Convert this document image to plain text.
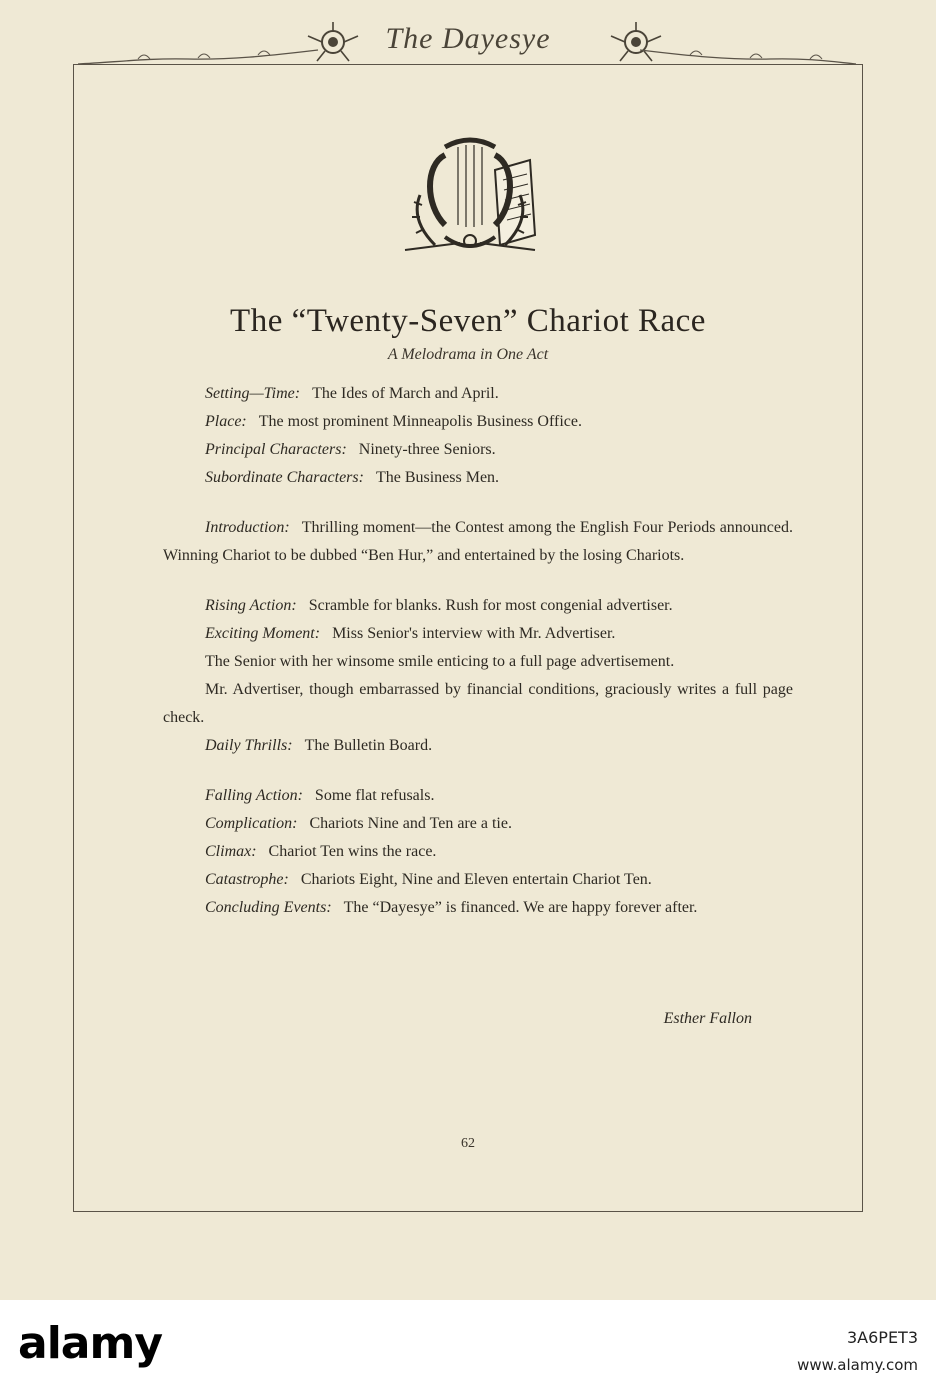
The Dayesye
The “Twenty-Seven” Chariot Race
A Melodrama in One Act

Setting—Time: The Ides of March and April.

Place: The most prominent Minneapolis Business Office.

Principal Characters: Ninety-three Seniors.

Subordinate Characters: The Business Men.

Introduction: Thrilling moment—the Contest among the English Four Periods announced. Winning Chariot to be dubbed “Ben Hur,” and entertained by the losing Chariots.

Rising Action: Scramble for blanks. Rush for most congenial advertiser.

Exciting Moment: Miss Senior's interview with Mr. Advertiser.

The Senior with her winsome smile enticing to a full page advertisement.

Mr. Advertiser, though embarrassed by financial conditions, graciously writes a full page check.

Daily Thrills: The Bulletin Board.

Falling Action: Some flat refusals.

Complication: Chariots Nine and Ten are a tie.

Climax: Chariot Ten wins the race.

Catastrophe: Chariots Eight, Nine and Eleven entertain Chariot Ten.

Concluding Events: The “Dayesye” is financed. We are happy forever after.

Esther Fallon
62
alamy	3A6PET3
www.alamy.com
